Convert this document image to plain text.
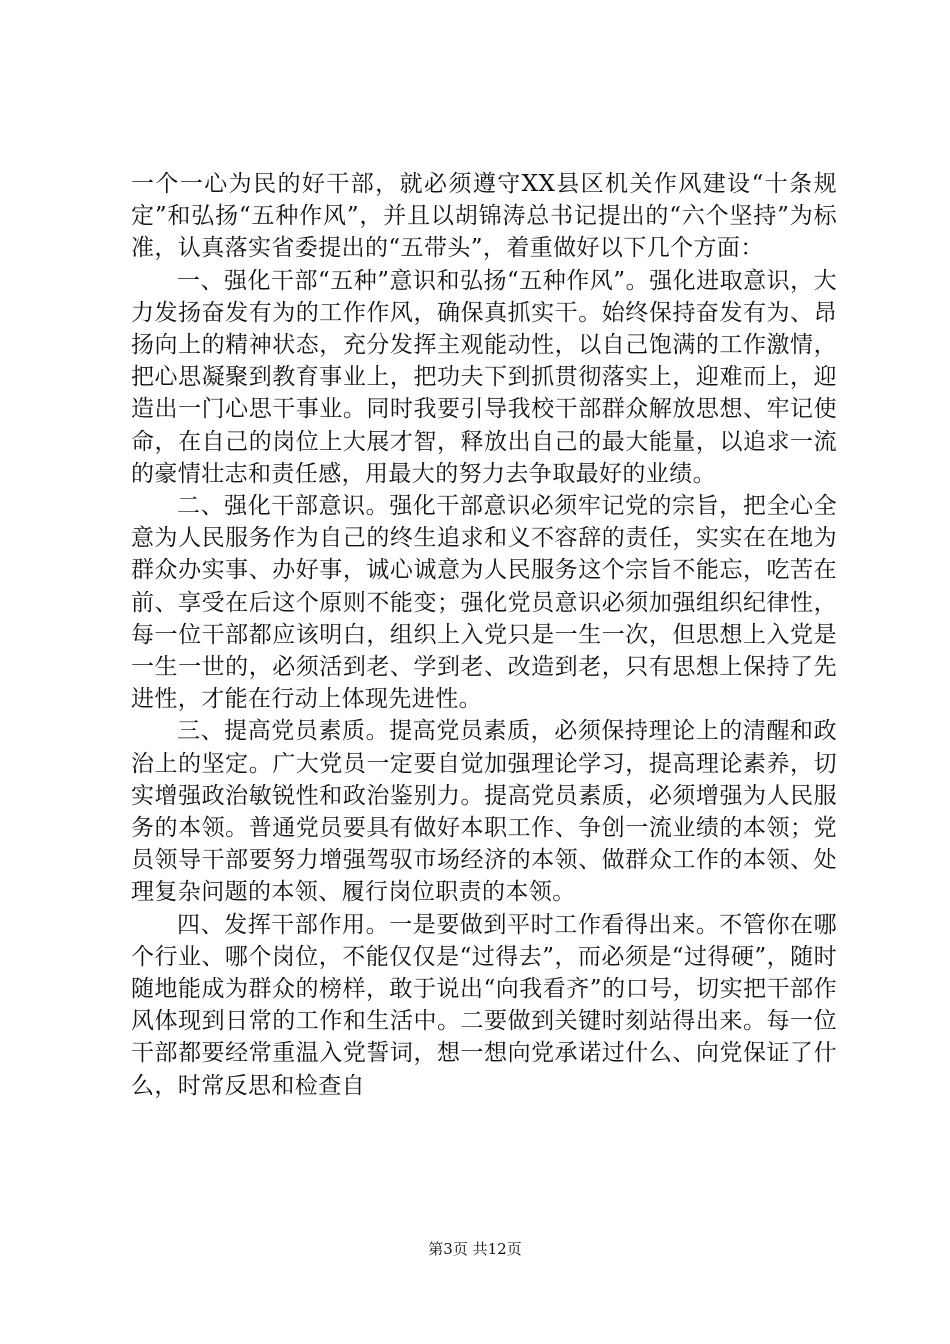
一个一心为民的好干部，就必须遵守XX县区机关作风建设“十条规定”和弘扬“五种作风”，并且以胡锦涛总书记提出的“六个坚持”为标准，认真落实省委提出的“五带头”，着重做好以下几个方面：

一、强化干部“五种”意识和弘扬“五种作风”。强化进取意识，大力发扬奋发有为的工作作风，确保真抓实干。始终保持奋发有为、昂扬向上的精神状态，充分发挥主观能动性，以自己饱满的工作激情，把心思凝聚到教育事业上，把功夫下到抓贯彻落实上，迎难而上，迎造出一门心思干事业。同时我要引导我校干部群众解放思想、牢记使命，在自己的岗位上大展才智，释放出自己的最大能量，以追求一流的豪情壮志和责任感，用最大的努力去争取最好的业绩。

二、强化干部意识。强化干部意识必须牢记党的宗旨，把全心全意为人民服务作为自己的终生追求和义不容辞的责任，实实在在地为群众办实事、办好事，诚心诚意为人民服务这个宗旨不能忘，吃苦在前、享受在后这个原则不能变；强化党员意识必须加强组织纪律性，每一位干部都应该明白，组织上入党只是一生一次，但思想上入党是一生一世的，必须活到老、学到老、改造到老，只有思想上保持了先进性，才能在行动上体现先进性。

三、提高党员素质。提高党员素质，必须保持理论上的清醒和政治上的坚定。广大党员一定要自觉加强理论学习，提高理论素养，切实增强政治敏锐性和政治鉴别力。提高党员素质，必须增强为人民服务的本领。普通党员要具有做好本职工作、争创一流业绩的本领；党员领导干部要努力增强驾驭市场经济的本领、做群众工作的本领、处理复杂问题的本领、履行岗位职责的本领。

四、发挥干部作用。一是要做到平时工作看得出来。不管你在哪个行业、哪个岗位，不能仅仅是“过得去”，而必须是“过得硬”，随时随地能成为群众的榜样，敢于说出“向我看齐”的口号，切实把干部作风体现到日常的工作和生活中。二要做到关键时刻站得出来。每一位干部都要经常重温入党誓词，想一想向党承诺过什么、向党保证了什么，时常反思和检查自

第3页 共12页
